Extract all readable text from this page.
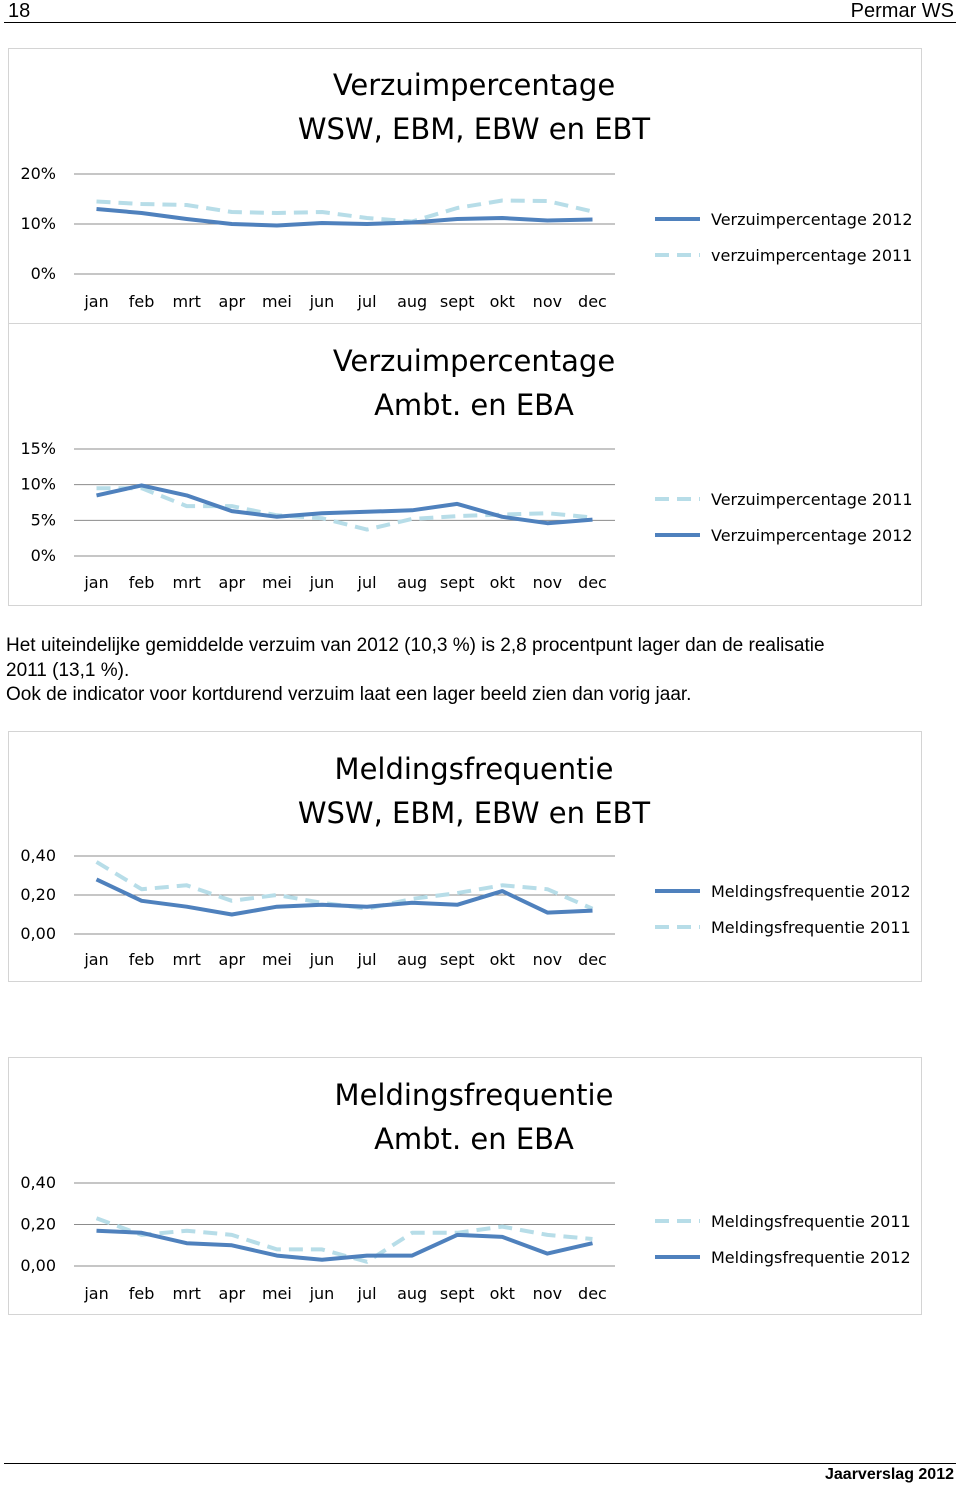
18	Permar WS
Verzuimpercentage
WSW, EBM, EBW en EBT
20%
10%
0%
jan feb mrt apr mei jun jul aug sept okt nov dec
Verzuimpercentage 2012
verzuimpercentage 2011
Verzuimpercentage
Ambt. en EBA
15%
10%
5%
0%
jan feb mrt apr mei jun jul aug sept okt nov dec
Verzuimpercentage 2011
Verzuimpercentage 2012
Het uiteindelijke gemiddelde verzuim van 2012 (10,3 %) is 2,8 procentpunt lager dan de realisatie
2011 (13,1 %).
Ook de indicator voor kortdurend verzuim laat een lager beeld zien dan vorig jaar.
Meldingsfrequentie
WSW, EBM, EBW en EBT
0,40
0,20
0,00
jan feb mrt apr mei jun jul aug sept okt nov dec
Meldingsfrequentie 2012
Meldingsfrequentie 2011
Meldingsfrequentie
Ambt. en EBA
0,40
0,20
0,00
jan feb mrt apr mei jun jul aug sept okt nov dec
Meldingsfrequentie 2011
Meldingsfrequentie 2012
Jaarverslag 2012
